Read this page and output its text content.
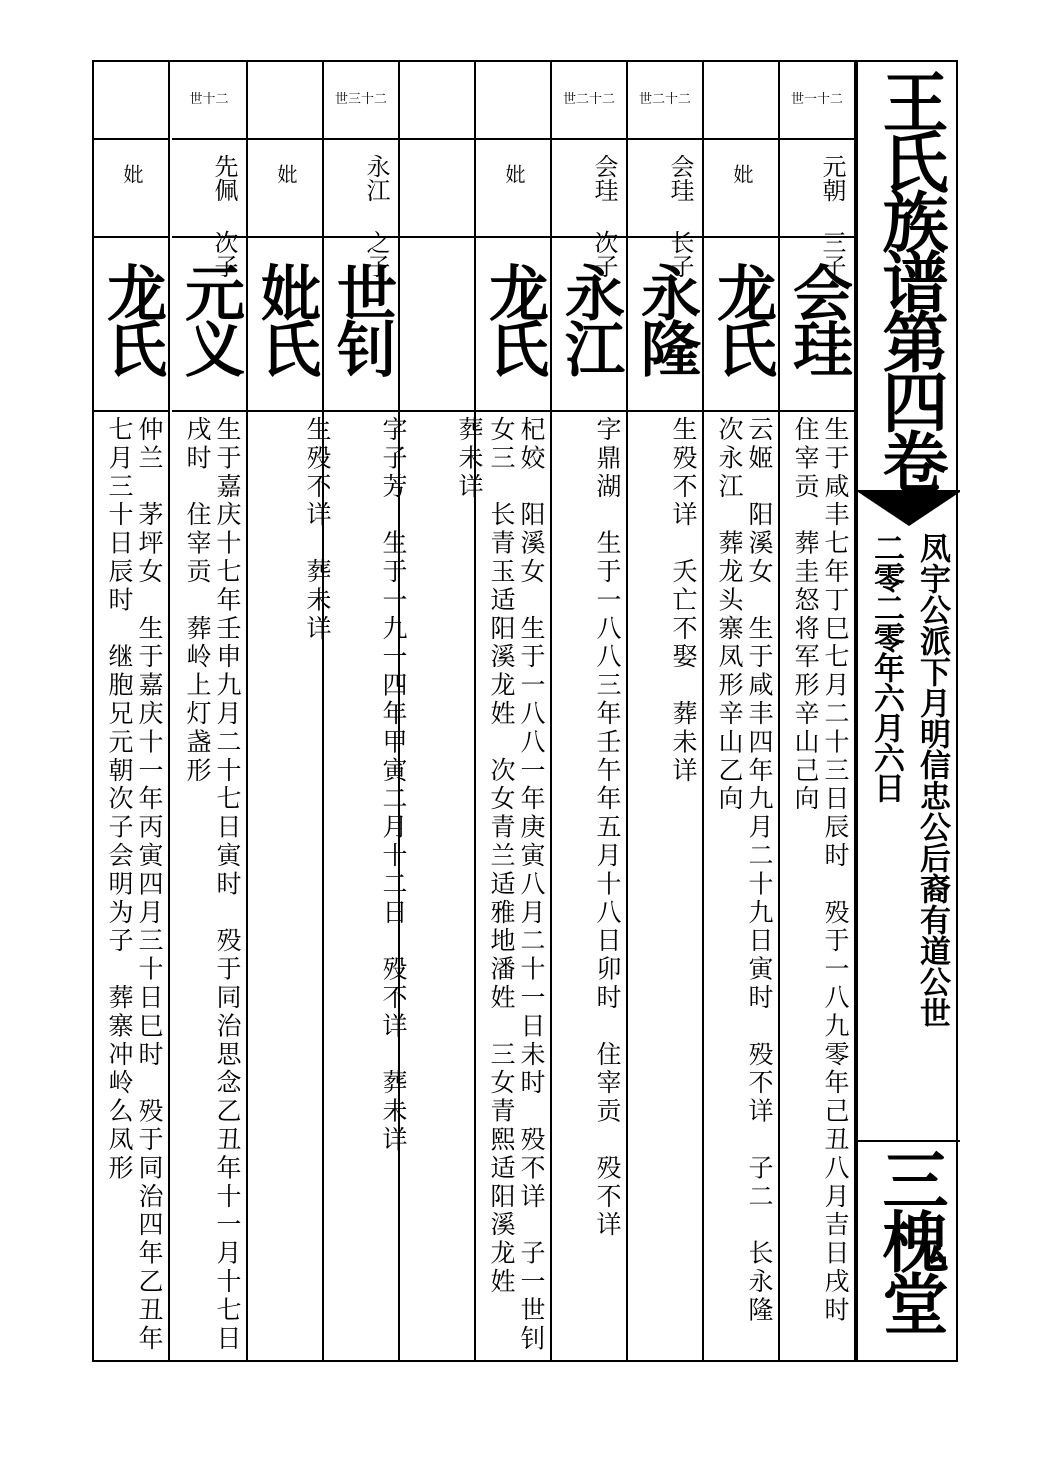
王氏族谱第四卷
凤宇公派下月明信忠公后裔有道公世
二零二零年六月六日
三槐堂
世一十二
元朝 三子
会珪
生于咸丰七年丁巳七月二十三日辰时　殁于一八九零年己丑八月吉日戌时
住宰贡　葬圭怒将军形辛山己向
妣
龙氏
云姬　阳溪女　生于咸丰四年九月二十九日寅时　殁不详　子二　长永隆
次永江　葬龙头寨凤形辛山乙向
世二十二
会珪 长子
永隆
生殁不详　夭亡不娶　葬未详
世二十二
会珪 次子
永江
字鼎湖　生于一八八三年壬午年五月十八日卯时　住宰贡　殁不详
妣
龙氏
杞姣　阳溪女　生于一八八一年庚寅八月二十一日未时　殁不详　子一世钊
女三　长青玉适阳溪龙姓　次女青兰适雅地潘姓　三女青熙适阳溪龙姓
葬未详
世三十二
永江 之子
世钊
字子芳　生于一九一四年甲寅二月十二日　殁不详　葬未详
妣
妣氏
生殁不详　葬未详
世十二
先佩 次子
元义
生于嘉庆十七年壬申九月二十七日寅时　殁于同治思念乙丑年十一月十七日
戌时　住宰贡　葬岭上灯盏形
妣
龙氏
仲兰　茅坪女　生于嘉庆十一年丙寅四月三十日巳时　殁于同治四年乙丑年
七月三十日辰时　继胞兄元朝次子会明为子　葬寨冲岭么凤形
